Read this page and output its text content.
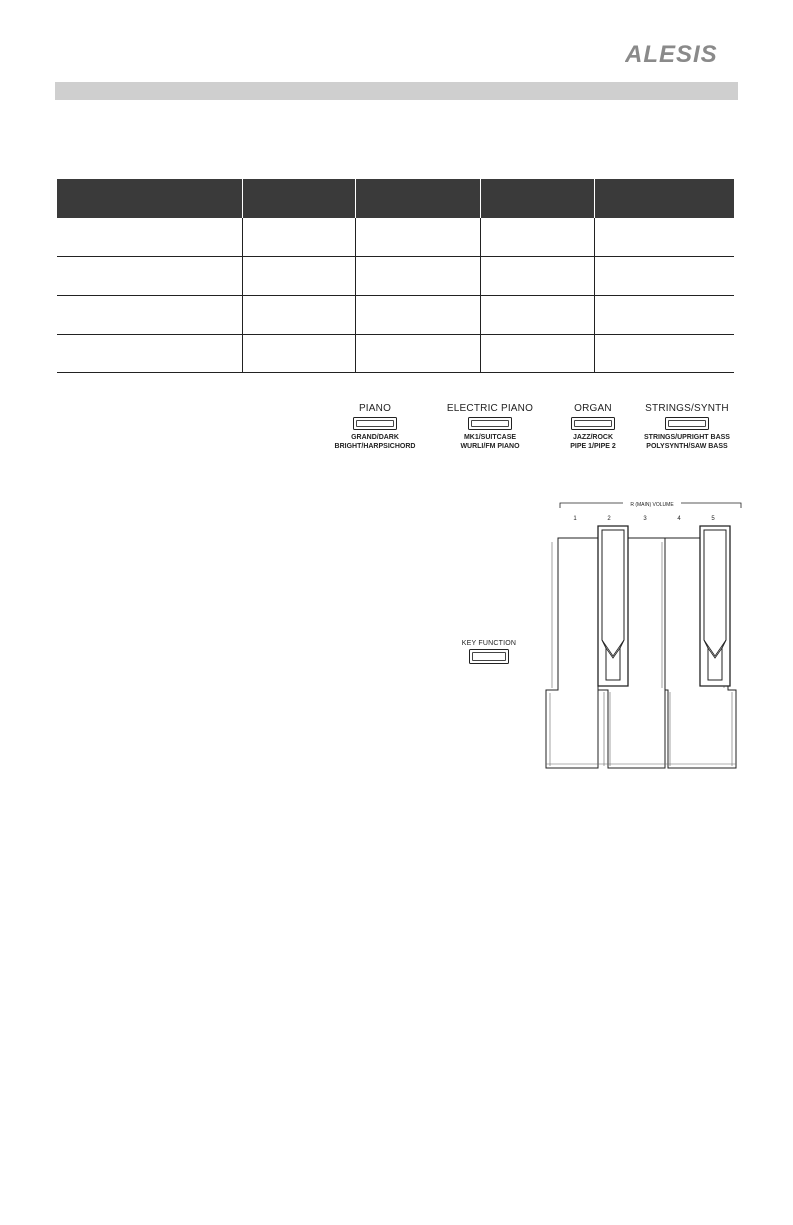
ALESIS

PIANO
GRAND/DARK
BRIGHT/HARPSICHORD
ELECTRIC PIANO
MK1/SUITCASE
WURLI/FM PIANO
ORGAN
JAZZ/ROCK
PIPE 1/PIPE 2
STRINGS/SYNTH
STRINGS/UPRIGHT BASS
POLYSYNTH/SAW BASS
KEY FUNCTION
R (MAIN) VOLUME
1	2	3	4	5
